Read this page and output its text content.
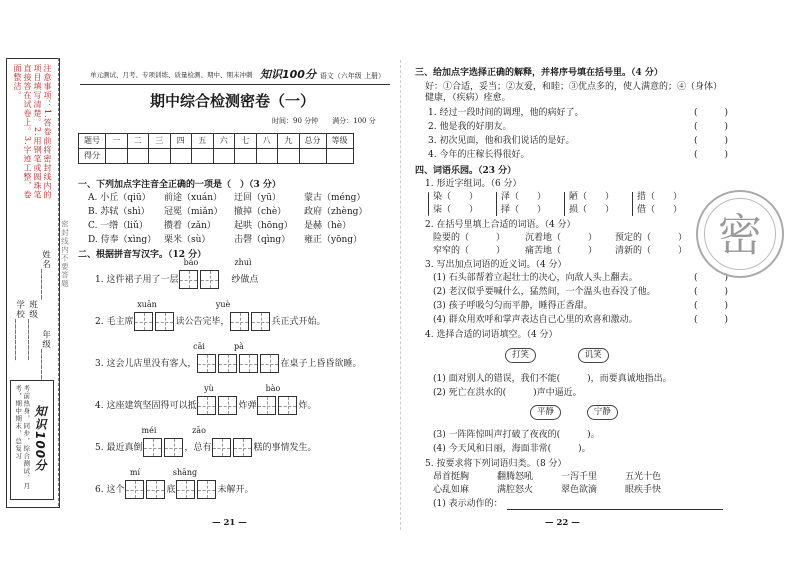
注意事项：1.答卷前将密封线内的项目填写清楚。2.用钢笔或圆珠笔直接答在试卷上。3.字迹工整，卷面整洁。
密封线内不要答题
学校________
班级________
姓名______
年级______
考前热身，同步，综合测试、月考，期中期末，总复习 知识100分
单元测试、月考、专项训练、质量检测、期中、期末冲刺 知识100分 语文（六年级 上册）
期中综合检测密卷（一）
时间：90 分钟　　满分：100 分
题号	一	二	三	四	五	六	七	八	九	总分	等级
得分											
一、下列加点字注音全正确的一项是（　）（3 分）
A. 小丘（qiū）	前途（xuán）	迂回（yū）	蒙古（méng）
B. 苏轼（shì）	冠冕（miǎn）	撤掉（chè）	政府（zhèng）
C. 一绺（liǔ）	攒着（zǎn）	起哄（hōng）	是赫（hè）
D. 侍奉（xìng） 栗米（sù）	击磬（qìng）	雍正（yōng）
二、根据拼音写汉字。（12 分）
báo	zhuì
1. 这件裙子用了一层	纱做点
xuān	yuè
2. 毛主席	读公告完毕，	兵正式开始。
cāi	pà
3. 这会儿店里没有客人，	在桌子上昏昏欲睡。
yù	bào
4. 这座建筑坚固得可以抵	炸弹	炸。
méi	zāo
5. 最近真倒	，总有	糕的事情发生。
mí	shāng
6. 这个	底	未解开。
— 21 —
三、给加点字选择正确的解释，并将序号填在括号里。（4 分）
好：①合适，妥当；②友爱，和睦；③优点多的，使人满意的；④（身体）健康，（疾病）痊愈。
1. 经过一段时间的调理，他的病好了。	(　　　)
2. 他是我的好朋友。	(　　　)
3. 初次见面，他和我们说话的是好。	(　　　)
4. 今年的庄稼长得很好。	(　　　)
四、词语乐园。（23 分）
1. 形近字组词。（6 分）
染（　　）	泽（　　）	陋（　　）	措（　　）
柒（　　）	择（　　）	损（　　）	借（　　）
2. 在括号里填上合适的词语。（4 分）
险要的（　　　）	沉着地（　　　）	预定的（　　　）
窄窄的（　　　）	痛苦地（　　　）	清新的（　　　）
3. 写出加点词语的近义词。（4 分）
(1) 石头部帮着立起壮士的决心，向敌人头上翻去。	(　　　)
(2) 老汉似乎要喊什么，猛然间，一个温头也吞没了他。	(　　　)
(3) 孩子呼吸匀匀而平静，睡得正香甜。	(　　　)
(4) 群众用欢呼和掌声表达自己心里的欢喜和激动。	(　　　)
4. 选择合适的词语填空。（4 分）
打笑	讥笑
(1) 面对别人的错误，我们不能(　　　)，而要真诚地指出。
(2) 死亡在洪水的(　　　)声中逼近。
平静	宁静
(3) 一阵阵惊叫声打破了夜夜的(　　　)。
(4) 今天风和日丽，海面非常(　　　)。
5. 按要求将下列词语归类。（8 分）
昂首挺胸	翻腾怒吼	一泻千里	五光十色
心乱如麻	满腔怒火	翠色欲滴	眼疾手快
(1) 表示动作的：
密
— 22 —
